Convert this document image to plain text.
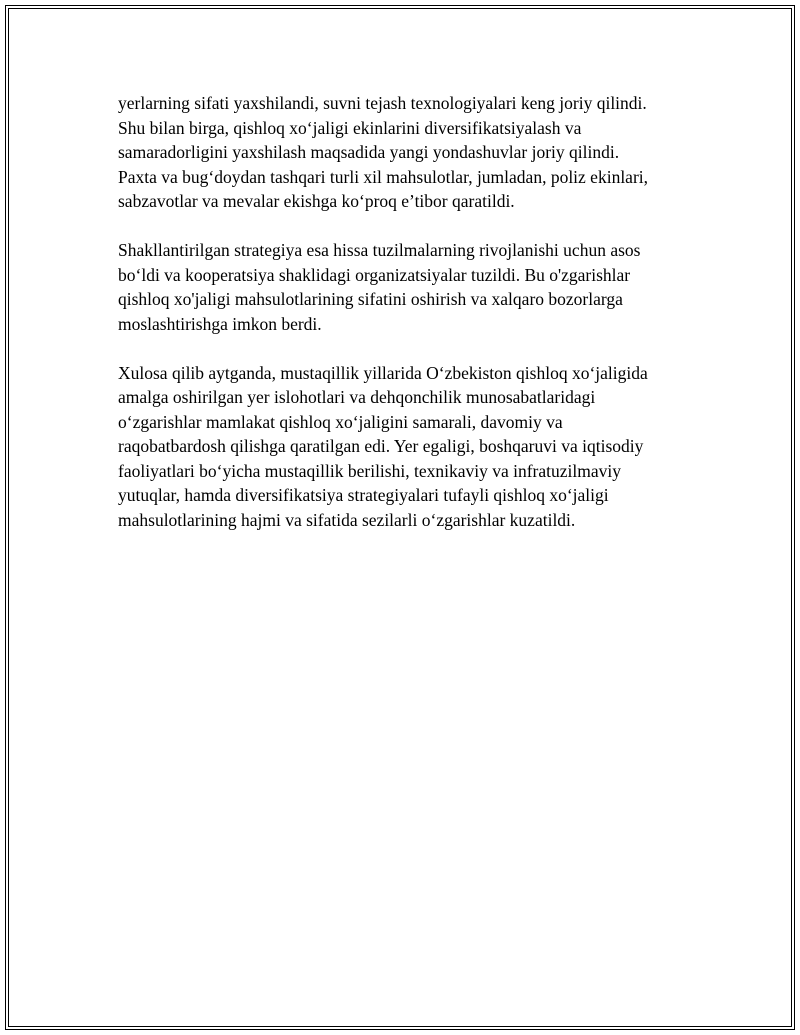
yerlarning sifati yaxshilandi, suvni tejash texnologiyalari keng joriy qilindi.
Shu bilan birga, qishloq xo‘jaligi ekinlarini diversifikatsiyalash va
samaradorligini yaxshilash maqsadida yangi yondashuvlar joriy qilindi.
Paxta va bug‘doydan tashqari turli xil mahsulotlar, jumladan, poliz ekinlari,
sabzavotlar va mevalar ekishga ko‘proq e’tibor qaratildi.

Shakllantirilgan strategiya esa hissa tuzilmalarning rivojlanishi uchun asos
bo‘ldi va kooperatsiya shaklidagi organizatsiyalar tuzildi. Bu o'zgarishlar
qishloq xo'jaligi mahsulotlarining sifatini oshirish va xalqaro bozorlarga
moslashtirishga imkon berdi.

Xulosa qilib aytganda, mustaqillik yillarida O‘zbekiston qishloq xo‘jaligida
amalga oshirilgan yer islohotlari va dehqonchilik munosabatlaridagi
o‘zgarishlar mamlakat qishloq xo‘jaligini samarali, davomiy va
raqobatbardosh qilishga qaratilgan edi. Yer egaligi, boshqaruvi va iqtisodiy
faoliyatlari bo‘yicha mustaqillik berilishi, texnikaviy va infratuzilmaviy
yutuqlar, hamda diversifikatsiya strategiyalari tufayli qishloq xo‘jaligi
mahsulotlarining hajmi va sifatida sezilarli o‘zgarishlar kuzatildi.
